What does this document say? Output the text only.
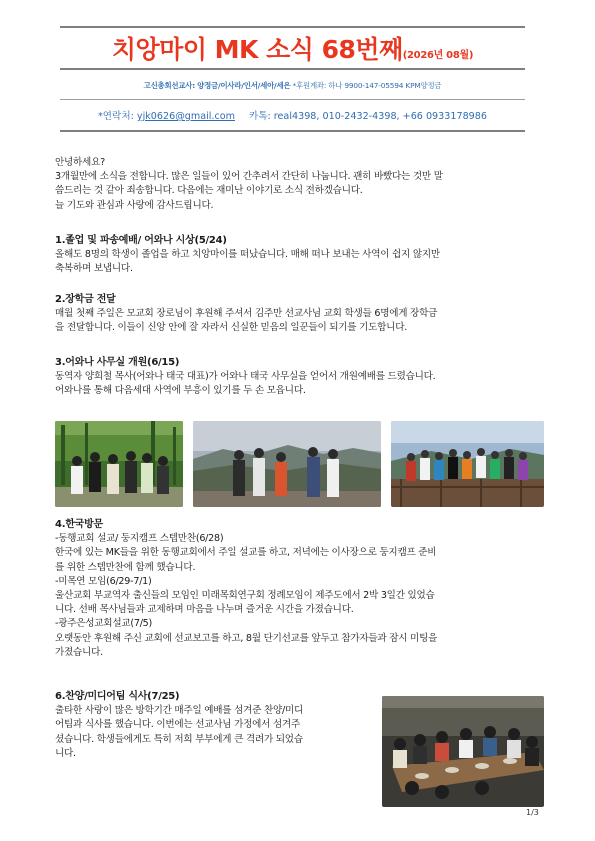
치앙마이 MK 소식 68번째(2026년 08월)
고신총회선교사: 양정금/이사라/인서/세아/세은 *후원계좌: 하나 9900-147-05594 KPM양정금
*연락처: yjk0626@gmail.com 카톡: real4398, 010-2432-4398, +66 0933178986

안녕하세요?

3개월만에 소식을 전합니다. 많은 일들이 있어 간추려서 간단히 나눕니다. 괜히 바빴다는 것만 말

씀드리는 것 같아 죄송합니다. 다음에는 재미난 이야기로 소식 전하겠습니다.

늘 기도와 관심과 사랑에 감사드립니다.

1.졸업 및 파송예배/ 어와나 시상(5/24)

올해도 8명의 학생이 졸업을 하고 치앙마이를 떠났습니다. 매해 떠나 보내는 사역이 쉽지 않지만

축복하며 보냅니다.

2.장학금 전달

매월 첫째 주일은 모교회 장로님이 후원해 주셔서 김주만 선교사님 교회 학생들 6명에게 장학금

을 전달합니다. 이들이 신앙 안에 잘 자라서 신실한 믿음의 일꾼들이 되기를 기도합니다.

3.어와나 사무실 개원(6/15)

동역자 양희철 목사(어와나 태국 대표)가 어와나 태국 사무실을 얻어서 개원예배를 드렸습니다.

어와나를 통해 다음세대 사역에 부흥이 있기를 두 손 모읍니다.

4.한국방문

-동행교회 설교/ 둥지캠프 스텝만찬(6/28)

한국에 있는 MK들을 위한 동행교회에서 주일 설교를 하고, 저녁에는 이사장으로 둥지캠프 준비

를 위한 스텝만찬에 함께 했습니다.

-미목연 모임(6/29-7/1)

울산교회 부교역자 출신들의 모임인 미래목회연구회 정례모임이 제주도에서 2박 3일간 있었습

니다. 선배 목사님들과 교제하며 마음을 나누며 즐거운 시간을 가졌습니다.

-광주은성교회설교(7/5)

오랫동안 후원해 주신 교회에 선교보고를 하고, 8월 단기선교를 앞두고 참가자들과 잠시 미팅을

가졌습니다.

6.찬양/미디어팀 식사(7/25)

출타한 사랑이 많은 방학기간 매주일 예배를 섬겨준 찬양/미디

어팀과 식사를 했습니다. 이번에는 선교사님 가정에서 섬겨주

셨습니다. 학생들에게도 특히 저희 부부에게 큰 격려가 되었습

니다.

1/3
